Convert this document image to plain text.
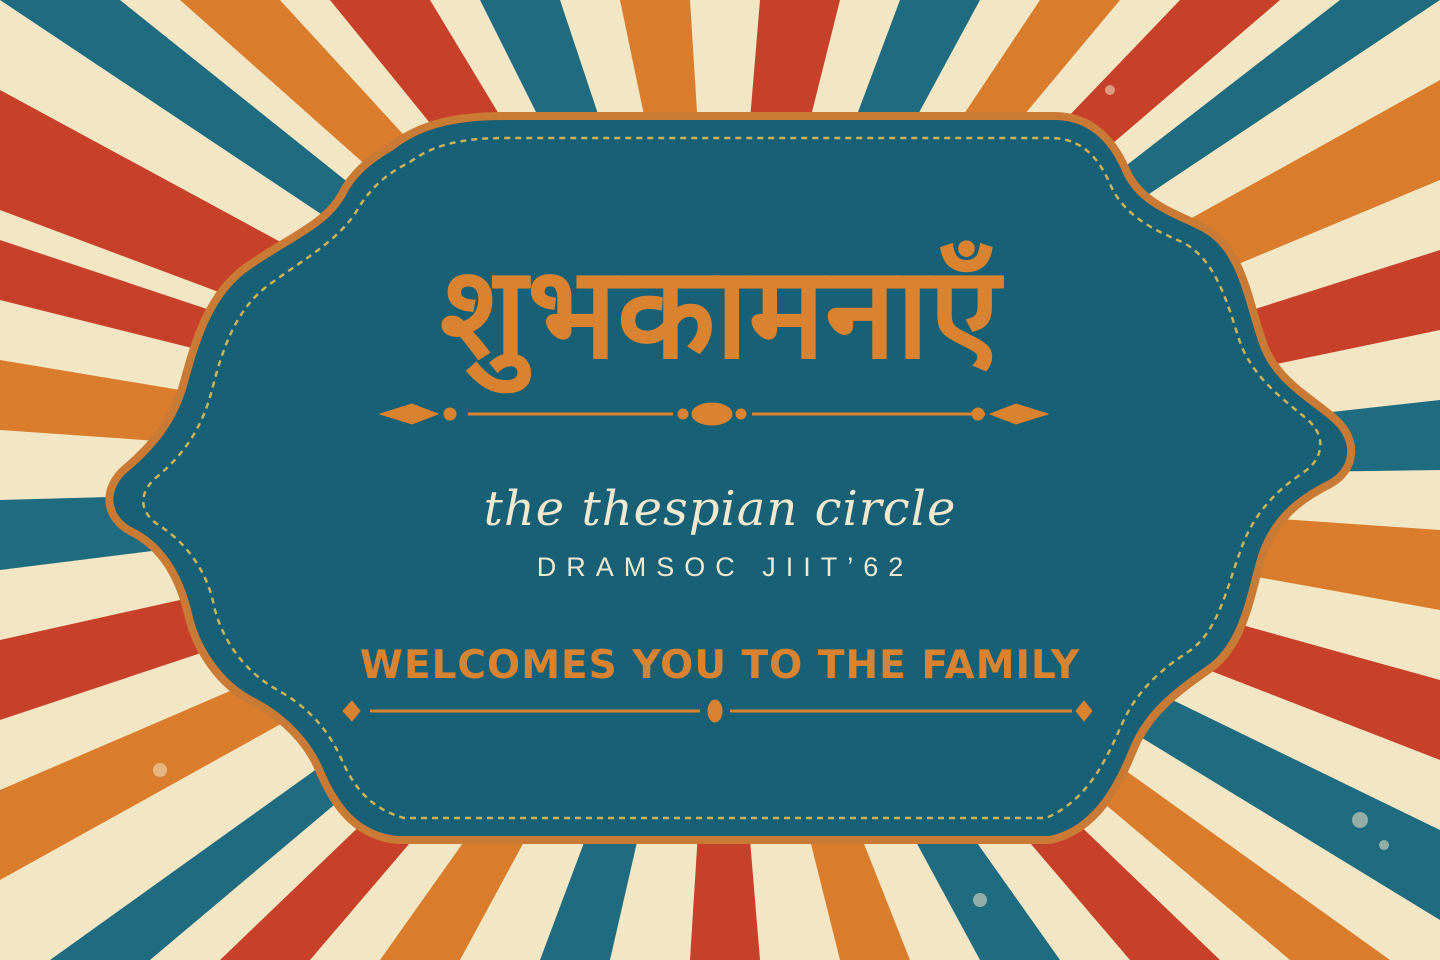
शुभकामनाएँ
the thespian circle
DRAMSOC JIIT’62
WELCOMES YOU TO THE FAMILY
